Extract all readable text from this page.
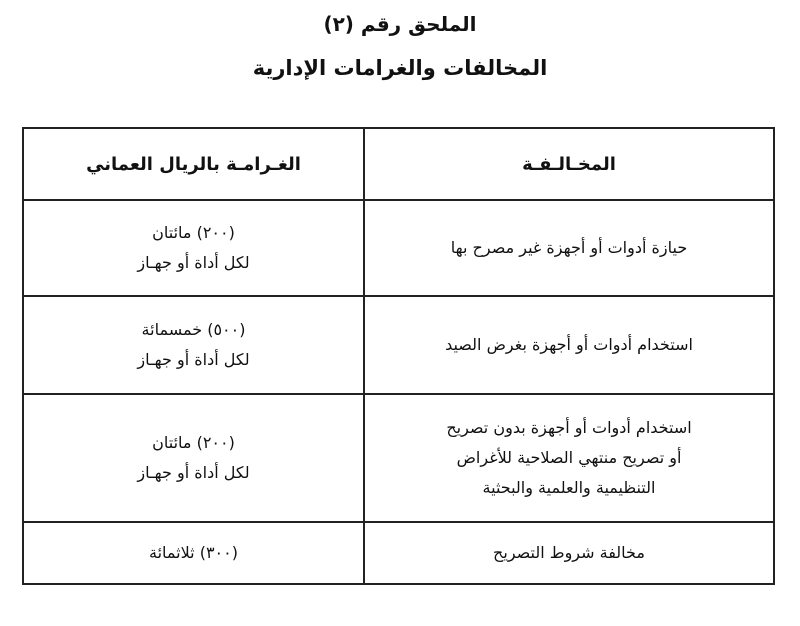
الملحق رقم (٢)
المخالفات والغرامات الإدارية
المخـالـفـة	الغـرامـة بالريال العماني

حيازة أدوات أو أجهزة غير مصرح بها	(٢٠٠) مائتان
لكل أداة أو جهـاز

استخدام أدوات أو أجهزة بغرض الصيد	(٥٠٠) خمسمائة
لكل أداة أو جهـاز

استخدام أدوات أو أجهزة بدون تصريح
أو تصريح منتهي الصلاحية للأغراض
التنظيمية والعلمية والبحثية	(٢٠٠) مائتان
لكل أداة أو جهـاز

مخالفة شروط التصريح	(٣٠٠) ثلاثمائة
